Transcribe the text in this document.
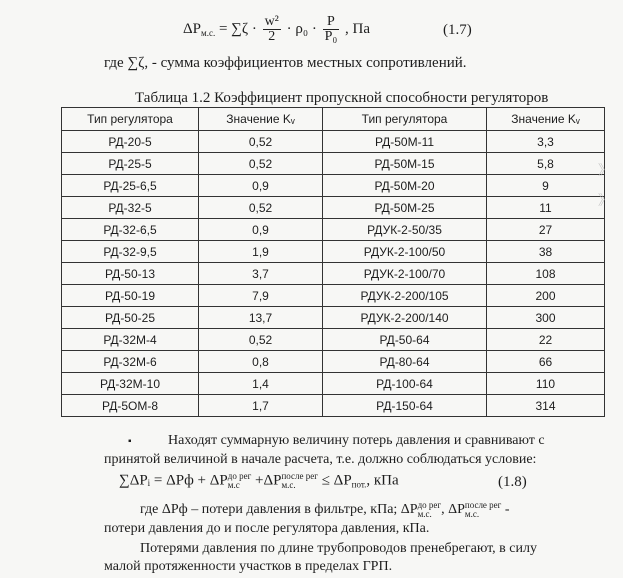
$\Delta P_{м.с.} = \sum\zeta \cdot \frac{\text{w²}}{2} \cdot \rho_0 \cdot \frac{P}{\text{P₀}}$ , Па	(1.7)
где ∑ζ, - сумма коэффициентов местных сопротивлений.
Таблица 1.2 Коэффициент пропускной способности регуляторов
Тип регулятора	Значение Kᵥ	Тип регулятора	Значение Kᵥ
РД-20-5	0,52	РД-50М-11	3,3
РД-25-5	0,52	РД-50М-15	5,8
РД-25-6,5	0,9	РД-50М-20	9
РД-32-5	0,52	РД-50М-25	11
РД-32-6,5	0,9	РДУК-2-50/35	27
РД-32-9,5	1,9	РДУК-2-100/50	38
РД-50-13	3,7	РДУК-2-100/70	108
РД-50-19	7,9	РДУК-2-200/105	200
РД-50-25	13,7	РДУК-2-200/140	300
РД-32М-4	0,52	РД-50-64	22
РД-32М-6	0,8	РД-80-64	66
РД-32М-10	1,4	РД-100-64	110
РД-5ОМ-8	1,7	РД-150-64	314
》
》
▪	Находят суммарную величину потерь давления и сравнивают с
принятой величиной в начале расчета, т.е. должно соблюдаться условие:
∑ΔPᵢ = ΔPф + ΔP до рег
м.с +ΔP после рег
м.с.	≤ $\Delta P_{пот.}$, кПа	(1.8)
где ΔPф – потери давления в фильтре, кПа; ΔP до рег
м.с. , ΔP после рег
м.с.	-
потери давления до и после регулятора давления, кПа.
Потерями давления по длине трубопроводов пренебрегают, в силу
малой протяженности участков в пределах ГРП.
